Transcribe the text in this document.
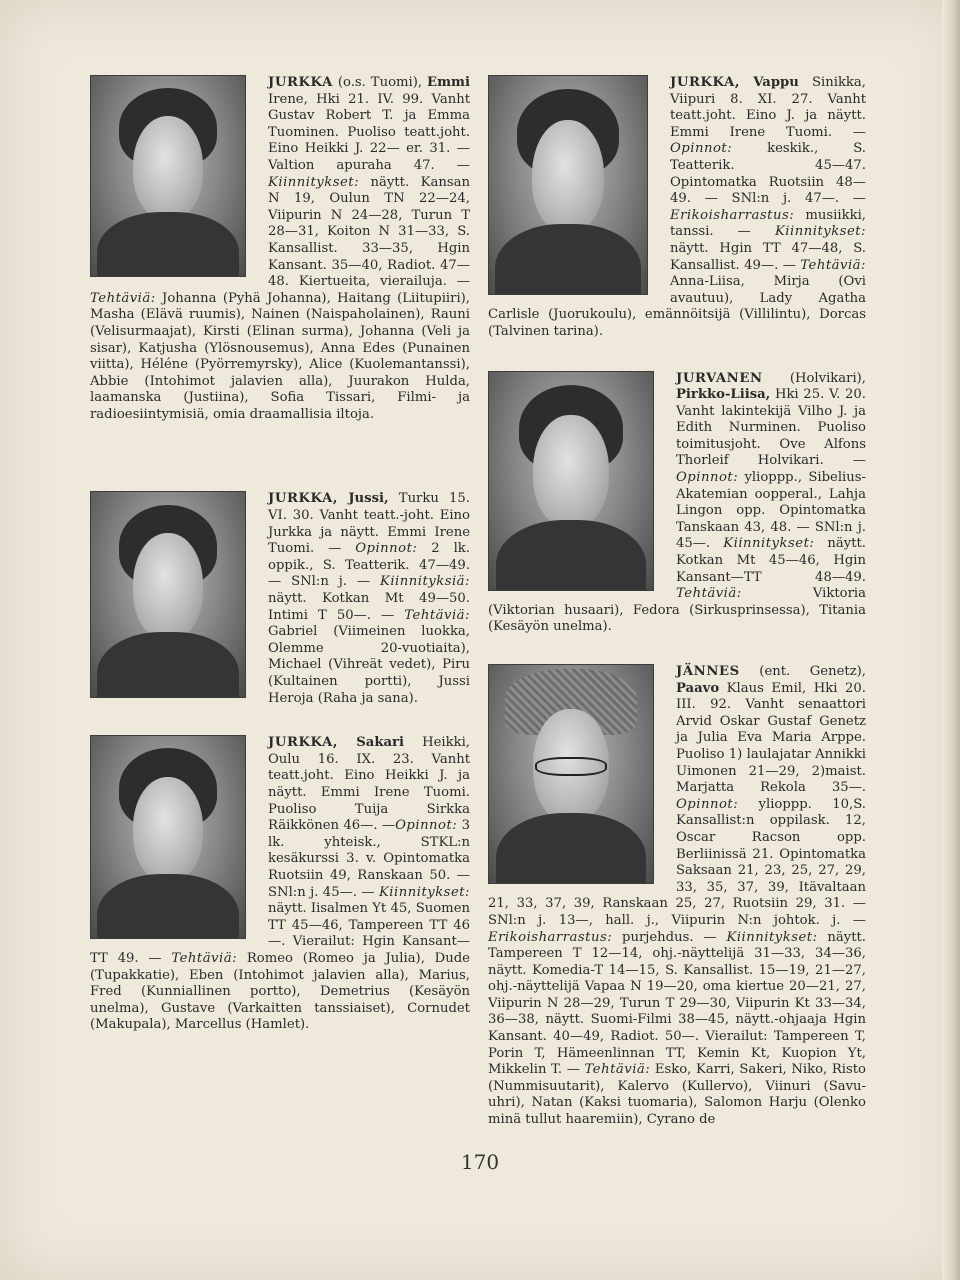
JURKKA (o.s. Tuomi), Emmi Irene, Hki 21. IV. 99. Vanht Gustav Robert T. ja Emma Tuominen. Puoliso teatt.joht. Eino Heikki J. 22— er. 31. — Valtion apuraha 47. — Kiinnitykset: näytt. Kansan N 19, Oulun TN 22—24, Viipurin N 24—28, Turun T 28—31, Koiton N 31—33, S. Kansallist. 33—35, Hgin Kansant. 35—40, Radiot. 47—48. Kiertueita, vierailuja. — Tehtäviä: Johanna (Pyhä Johanna), Haitang (Liitupiiri), Masha (Elävä ruumis), Nainen (Naispaholainen), Rauni (Velisurmaajat), Kirsti (Elinan surma), Johanna (Veli ja sisar), Katjusha (Ylösnousemus), Anna Edes (Punainen viitta), Héléne (Pyörremyrsky), Alice (Kuolemantanssi), Abbie (Intohimot jalavien alla), Juurakon Hulda, laamanska (Justiina), Sofia Tissari, Filmi- ja radioesiintymisiä, omia draamallisia iltoja.

JURKKA, Jussi, Turku 15. VI. 30. Vanht teatt.-joht. Eino Jurkka ja näytt. Emmi Irene Tuomi. — Opinnot: 2 lk. oppik., S. Teatterik. 47—49. — SNl:n j. — Kiinnityksiä: näytt. Kotkan Mt 49—50. Intimi T 50—. — Tehtäviä: Gabriel (Viimeinen luokka, Olemme 20-vuotiaita), Michael (Vihreät vedet), Piru (Kultainen portti), Jussi Heroja (Raha ja sana).

JURKKA, Sakari Heikki, Oulu 16. IX. 23. Vanht teatt.joht. Eino Heikki J. ja näytt. Emmi Irene Tuomi. Puoliso Tuija Sirkka Räikkönen 46—. —Opinnot: 3 lk. yhteisk., STKL:n kesäkurssi 3. v. Opintomatka Ruotsiin 49, Ranskaan 50. — SNl:n j. 45—. — Kiinnitykset: näytt. Iisalmen Yt 45, Suomen TT 45—46, Tampereen TT 46—. Vierailut: Hgin Kansant—TT 49. — Tehtäviä: Romeo (Romeo ja Julia), Dude (Tupakkatie), Eben (Intohimot jalavien alla), Marius, Fred (Kunniallinen portto), Demetrius (Kesäyön unelma), Gustave (Varkaitten tanssiaiset), Cornudet (Makupala), Marcellus (Hamlet).

JURKKA, Vappu Sinikka, Viipuri 8. XI. 27. Vanht teatt.joht. Eino J. ja näytt. Emmi Irene Tuomi. — Opinnot: keskik., S. Teatterik. 45—47. Opintomatka Ruotsiin 48—49. — SNl:n j. 47—. — Erikoisharrastus: musiikki, tanssi. — Kiinnitykset: näytt. Hgin TT 47—48, S. Kansallist. 49—. — Tehtäviä: Anna-Liisa, Mirja (Ovi avautuu), Lady Agatha Carlisle (Juorukoulu), emännöitsijä (Villilintu), Dorcas (Talvinen tarina).

JURVANEN (Holvikari), Pirkko-Liisa, Hki 25. V. 20. Vanht lakintekijä Vilho J. ja Edith Nurminen. Puoliso toimitusjoht. Ove Alfons Thorleif Holvikari. — Opinnot: ylioppp., Sibelius-Akatemian oopperal., Lahja Lingon opp. Opintomatka Tanskaan 43, 48. — SNl:n j. 45—. Kiinnitykset: näytt. Kotkan Mt 45—46, Hgin Kansant—TT 48—49. Tehtäviä: Viktoria (Viktorian husaari), Fedora (Sirkusprinsessa), Titania (Kesäyön unelma).

JÄNNES (ent. Genetz), Paavo Klaus Emil, Hki 20. III. 92. Vanht senaattori Arvid Oskar Gustaf Genetz ja Julia Eva Maria Arppe. Puoliso 1) laulajatar Annikki Uimonen 21—29, 2)maist. Marjatta Rekola 35—. Opinnot: ylioppp. 10,S. Kansallist:n oppilask. 12, Oscar Racson opp. Berliinissä 21. Opintomatka Saksaan 21, 23, 25, 27, 29, 33, 35, 37, 39, Itävaltaan 21, 33, 37, 39, Ranskaan 25, 27, Ruotsiin 29, 31. — SNl:n j. 13—, hall. j., Viipurin N:n johtok. j. — Erikoisharrastus: purjehdus. — Kiinnitykset: näytt. Tampereen T 12—14, ohj.-näyttelijä 31—33, 34—36, näytt. Komedia-T 14—15, S. Kansallist. 15—19, 21—27, ohj.-näyttelijä Vapaa N 19—20, oma kiertue 20—21, 27, Viipurin N 28—29, Turun T 29—30, Viipurin Kt 33—34, 36—38, näytt. Suomi-Filmi 38—45, näytt.-ohjaaja Hgin Kansant. 40—49, Radiot. 50—. Vierailut: Tampereen T, Porin T, Hämeenlinnan TT, Kemin Kt, Kuopion Yt, Mikkelin T. — Tehtäviä: Esko, Karri, Sakeri, Niko, Risto (Nummisuutarit), Kalervo (Kullervo), Viinuri (Savu-uhri), Natan (Kaksi tuomaria), Salomon Harju (Olenko minä tullut haaremiin), Cyrano de

170
